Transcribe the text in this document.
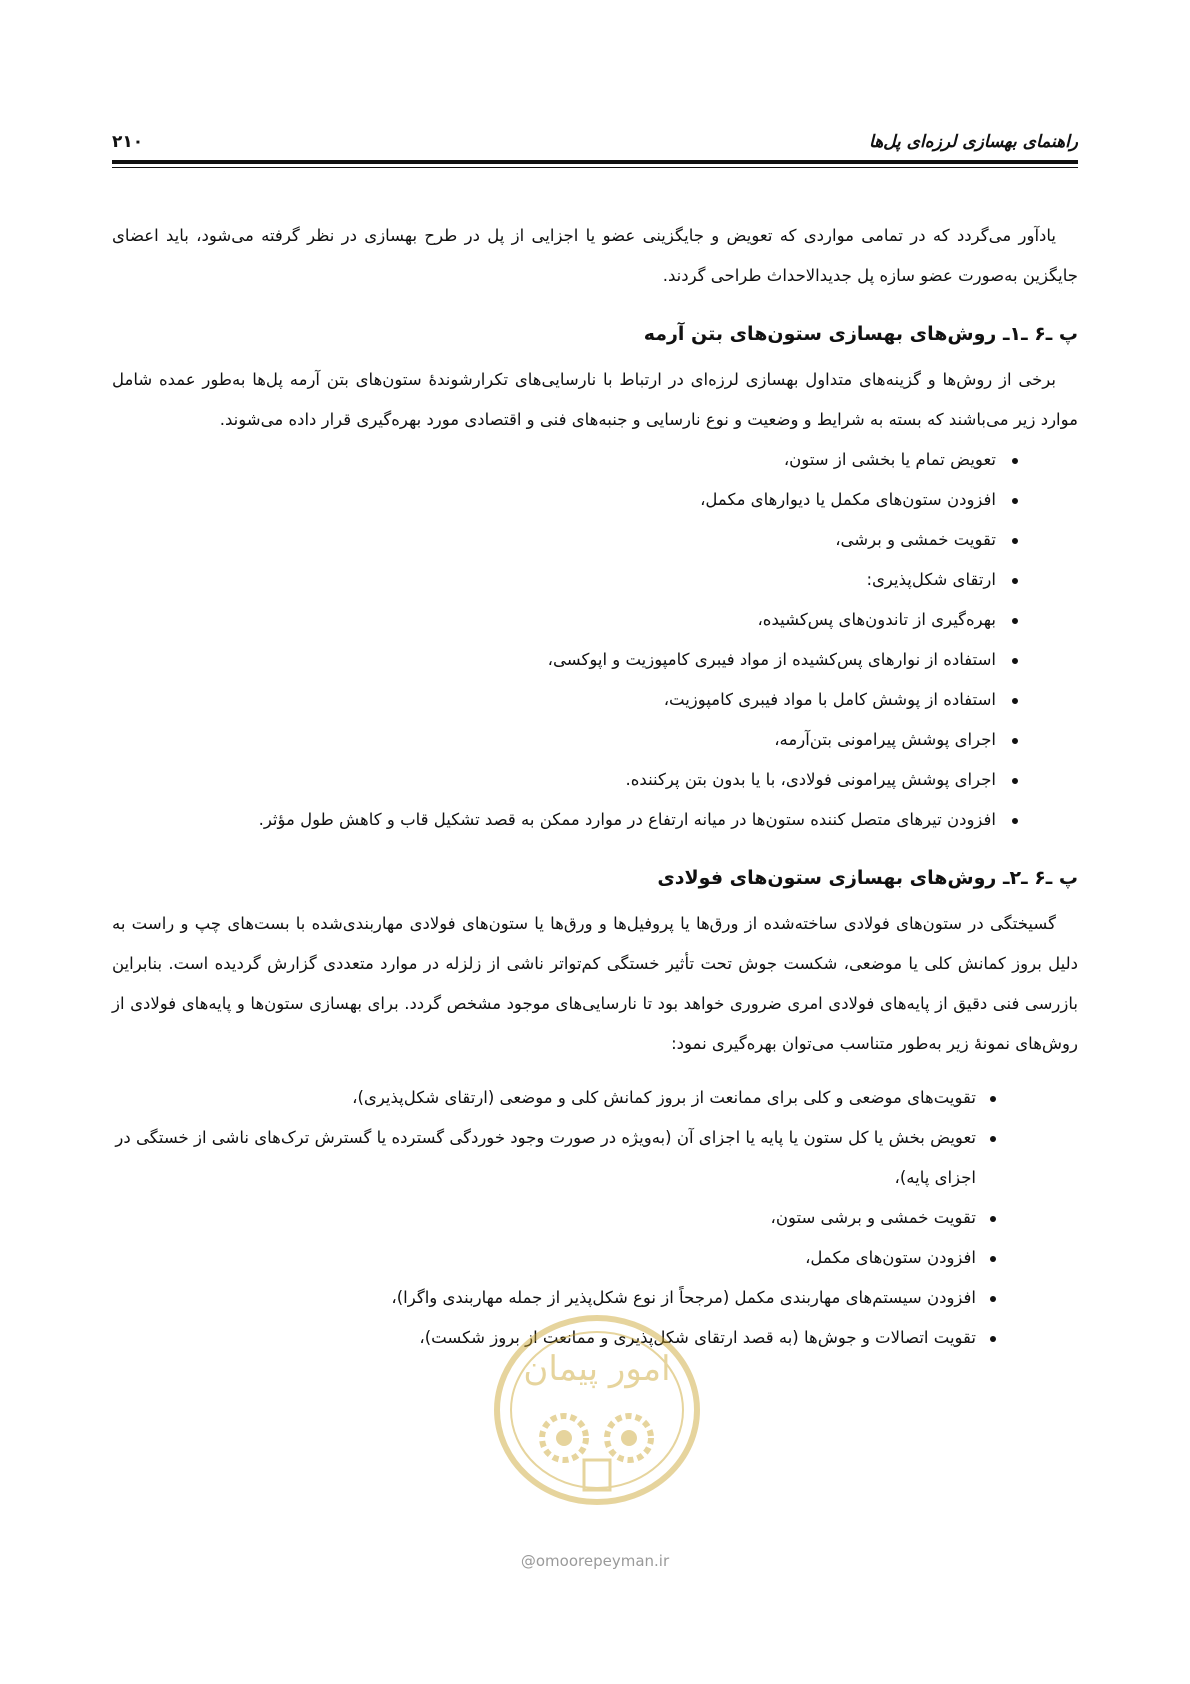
راهنمای بهسازی لرزه‌ای پل‌ها
۲۱۰

یادآور می‌گردد که در تمامی مواردی که تعویض و جایگزینی عضو یا اجزایی از پل در طرح بهسازی در نظر گرفته می‌شود، باید اعضای جایگزین به‌صورت عضو سازه پل جدیدالاحداث طراحی گردند.

پ ـ۶ ـ۱ـ روش‌های بهسازی ستون‌های بتن آرمه

برخی از روش‌ها و گزینه‌های متداول بهسازی لرزه‌ای در ارتباط با نارسایی‌های تکرارشوندهٔ ستون‌های بتن آرمه پل‌ها به‌طور عمده شامل موارد زیر می‌باشند که بسته به شرایط و وضعیت و نوع نارسایی و جنبه‌های فنی و اقتصادی مورد بهره‌گیری قرار داده می‌شوند.

تعویض تمام یا بخشی از ستون،
افزودن ستون‌های مکمل یا دیوارهای مکمل،
تقویت خمشی و برشی،
ارتقای شکل‌پذیری:
بهره‌گیری از تاندون‌های پس‌کشیده،
استفاده از نوارهای پس‌کشیده از مواد فیبری کامپوزیت و اپوکسی،
استفاده از پوشش کامل با مواد فیبری کامپوزیت،
اجرای پوشش پیرامونی بتن‌آرمه،
اجرای پوشش پیرامونی فولادی، با یا بدون بتن پرکننده.
افزودن تیرهای متصل کننده ستون‌ها در میانه ارتفاع در موارد ممکن به قصد تشکیل قاب و کاهش طول مؤثر.
پ ـ۶ ـ۲ـ روش‌های بهسازی ستون‌های فولادی

گسیختگی در ستون‌های فولادی ساخته‌شده از ورق‌ها یا پروفیل‌ها و ورق‌ها یا ستون‌های فولادی مهاربندی‌شده با بست‌های چپ و راست به دلیل بروز کمانش کلی یا موضعی، شکست جوش تحت تأثیر خستگی کم‌تواتر ناشی از زلزله در موارد متعددی گزارش گردیده است. بنابراین بازرسی فنی دقیق از پایه‌های فولادی امری ضروری خواهد بود تا نارسایی‌های موجود مشخص گردد. برای بهسازی ستون‌ها و پایه‌های فولادی از روش‌های نمونهٔ زیر به‌طور متناسب می‌توان بهره‌گیری نمود:

تقویت‌های موضعی و کلی برای ممانعت از بروز کمانش کلی و موضعی (ارتقای شکل‌پذیری)،
تعویض بخش یا کل ستون یا پایه یا اجزای آن (به‌ویژه در صورت وجود خوردگی گسترده یا گسترش ترک‌های ناشی از خستگی در اجزای پایه)،
تقویت خمشی و برشی ستون،
افزودن ستون‌های مکمل،
افزودن سیستم‌های مهاربندی مکمل (مرجحاً از نوع شکل‌پذیر از جمله مهاربندی واگرا)،
تقویت اتصالات و جوش‌ها (به قصد ارتقای شکل‌پذیری و ممانعت از بروز شکست)،
امور پیمان
@omoorepeyman.ir
